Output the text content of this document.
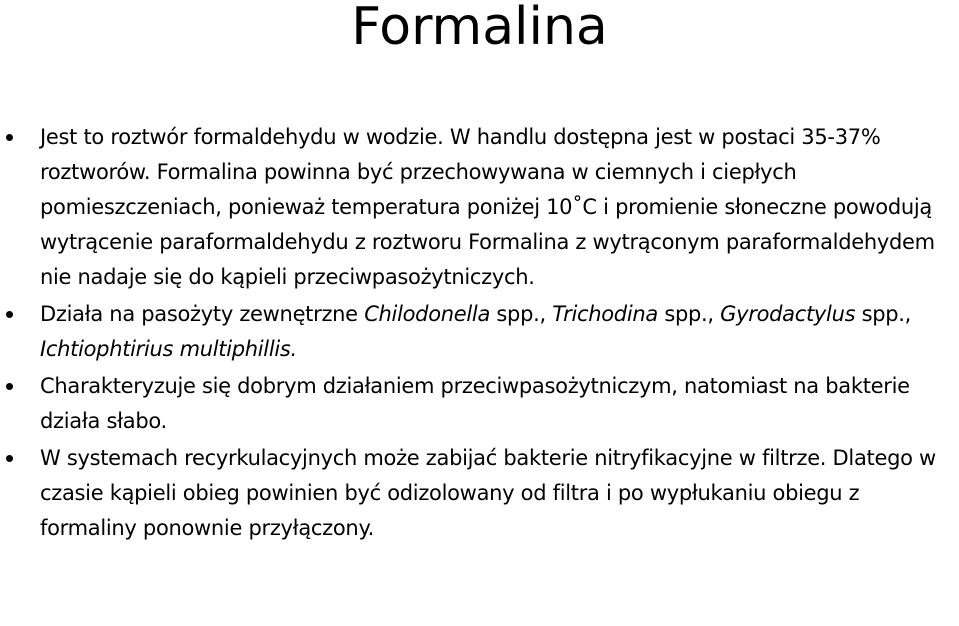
Formalina
Jest to roztwór formaldehydu w wodzie. W handlu dostępna jest w postaci 35-37% roztworów. Formalina powinna być przechowywana w ciemnych i ciepłych pomieszczeniach, ponieważ temperatura poniżej 10˚C i promienie słoneczne powodują wytrącenie paraformaldehydu z roztworu Formalina z wytrąconym paraformaldehydem nie nadaje się do kąpieli przeciwpasożytniczych.
Działa na pasożyty zewnętrzne Chilodonella spp., Trichodina spp., Gyrodactylus spp., Ichtiophtirius multiphillis.
Charakteryzuje się dobrym działaniem przeciwpasożytniczym, natomiast na bakterie działa słabo.
W systemach recyrkulacyjnych może zabijać bakterie nitryfikacyjne w filtrze. Dlatego w czasie kąpieli obieg powinien być odizolowany od filtra i po wypłukaniu obiegu z formaliny ponownie przyłączony.
